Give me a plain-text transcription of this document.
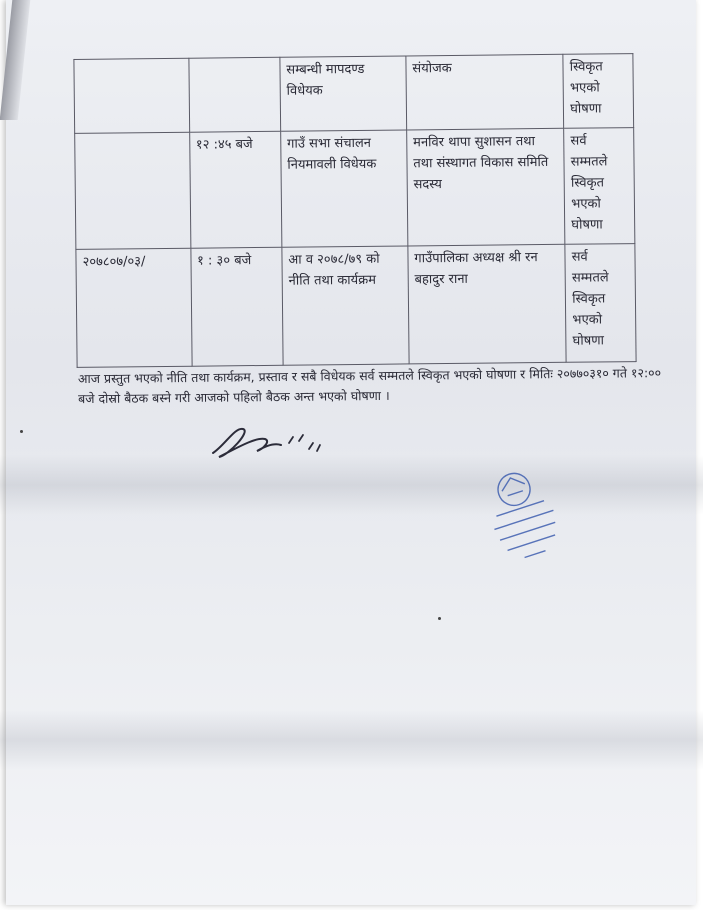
		सम्बन्धी मापदण्ड विधेयक	संयोजक	स्विकृत भएको घोषणा
	१२ :४५ बजे	गाउँ सभा संचालन नियमावली विधेयक	मनविर थापा सुशासन तथा तथा संस्थागत विकास समिति सदस्य	सर्व सम्मतले स्विकृत भएको घोषणा
२०७८०७/०३/	१ : ३० बजे	आ व २०७८/७९ को नीति तथा कार्यक्रम	गाउँपालिका अध्यक्ष श्री रन बहादुर राना	सर्व सम्मतले स्विकृत भएको घोषणा
आज प्रस्तुत भएको नीति तथा कार्यक्रम, प्रस्ताव र सबै विधेयक सर्व सम्मतले स्विकृत भएको घोषणा र मितिः २०७७०३१० गते १२:०० बजे दोस्रो बैठक बस्ने गरी आजको पहिलो बैठक अन्त भएको घोषणा ।
